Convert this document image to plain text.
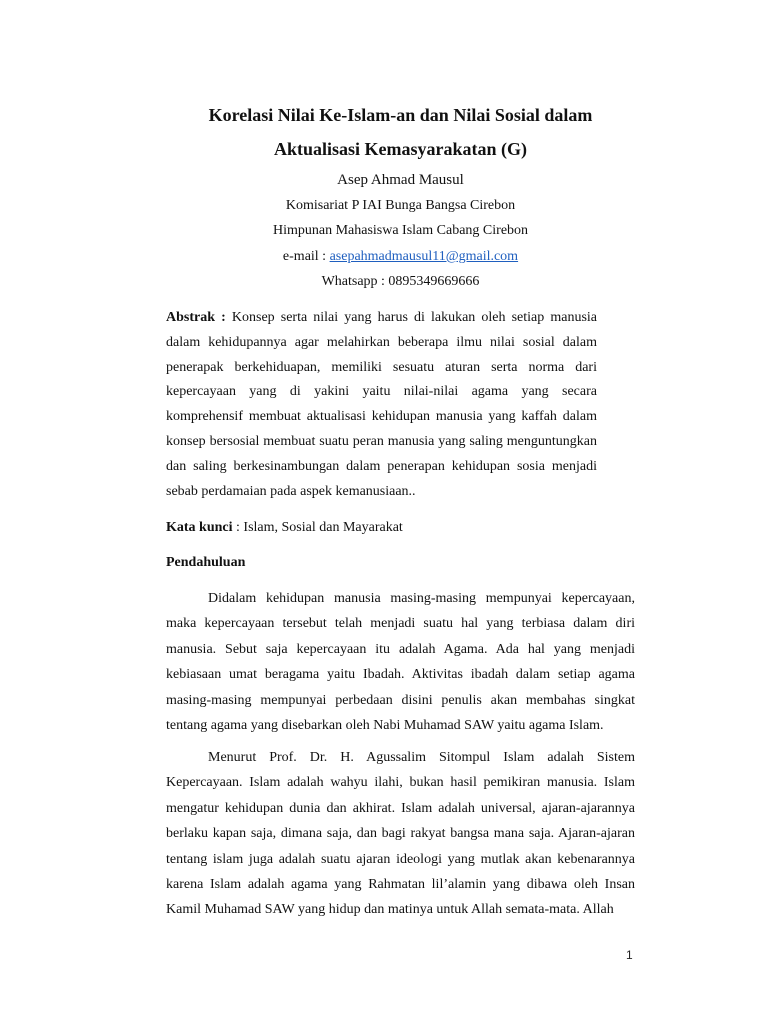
Korelasi Nilai Ke-Islam-an dan Nilai Sosial dalam
Aktualisasi Kemasyarakatan (G)
Asep Ahmad Mausul
Komisariat P IAI Bunga Bangsa Cirebon
Himpunan Mahasiswa Islam Cabang Cirebon
e-mail : asepahmadmausul11@gmail.com
Whatsapp : 0895349669666
Abstrak : Konsep serta nilai yang harus di lakukan oleh setiap manusia dalam kehidupannya agar melahirkan beberapa ilmu nilai sosial dalam penerapak berkehiduapan, memiliki sesuatu aturan serta norma dari kepercayaan yang di yakini yaitu nilai-nilai agama yang secara komprehensif membuat aktualisasi kehidupan manusia yang kaffah dalam konsep bersosial membuat suatu peran manusia yang saling menguntungkan dan saling berkesinambungan dalam penerapan kehidupan sosia menjadi sebab perdamaian pada aspek kemanusiaan..
Kata kunci : Islam, Sosial dan Mayarakat
Pendahuluan
Didalam kehidupan manusia masing-masing mempunyai kepercayaan, maka kepercayaan tersebut telah menjadi suatu hal yang terbiasa dalam diri manusia. Sebut saja kepercayaan itu adalah Agama. Ada hal yang menjadi kebiasaan umat beragama yaitu Ibadah. Aktivitas ibadah dalam setiap agama masing-masing mempunyai perbedaan disini penulis akan membahas singkat tentang agama yang disebarkan oleh Nabi Muhamad SAW yaitu agama Islam.
Menurut Prof. Dr. H. Agussalim Sitompul Islam adalah Sistem Kepercayaan. Islam adalah wahyu ilahi, bukan hasil pemikiran manusia. Islam mengatur kehidupan dunia dan akhirat. Islam adalah universal, ajaran-ajarannya berlaku kapan saja, dimana saja, dan bagi rakyat bangsa mana saja. Ajaran-ajaran tentang islam juga adalah suatu ajaran ideologi yang mutlak akan kebenarannya karena Islam adalah agama yang Rahmatan lil’alamin yang dibawa oleh Insan Kamil Muhamad SAW yang hidup dan matinya untuk Allah semata-mata. Allah
1
